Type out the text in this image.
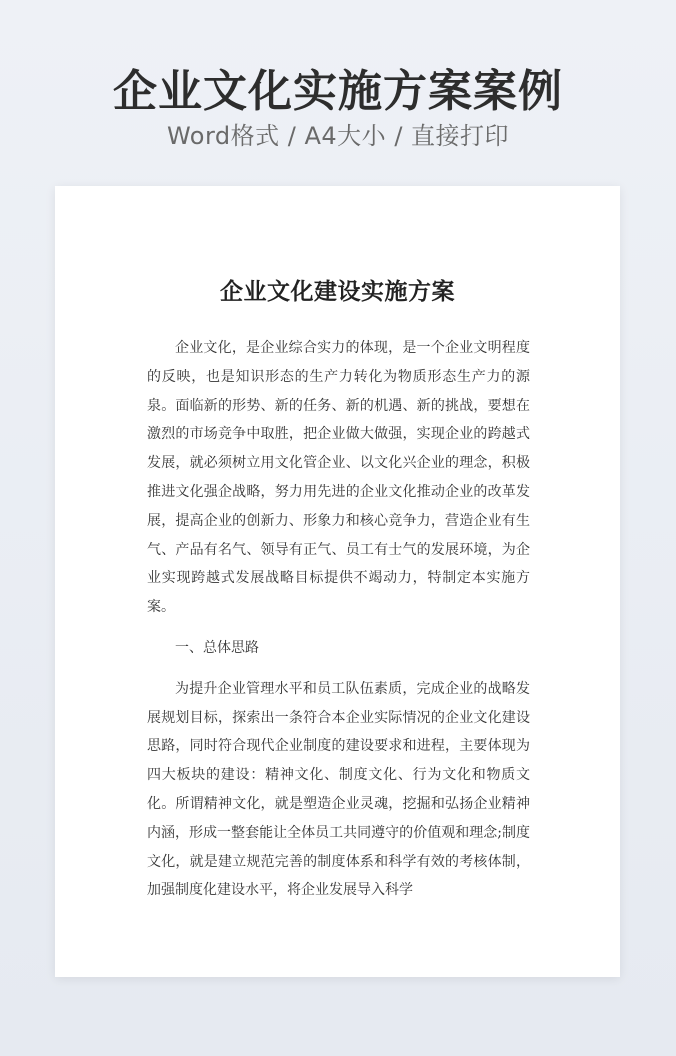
企业文化实施方案案例
Word格式 / A4大小 / 直接打印
企业文化建设实施方案

企业文化，是企业综合实力的体现，是一个企业文明程度的反映，也是知识形态的生产力转化为物质形态生产力的源泉。面临新的形势、新的任务、新的机遇、新的挑战，要想在激烈的市场竞争中取胜，把企业做大做强，实现企业的跨越式发展，就必须树立用文化管企业、以文化兴企业的理念，积极推进文化强企战略，努力用先进的企业文化推动企业的改革发展，提高企业的创新力、形象力和核心竞争力，营造企业有生气、产品有名气、领导有正气、员工有士气的发展环境，为企业实现跨越式发展战略目标提供不竭动力，特制定本实施方案。

一、总体思路

为提升企业管理水平和员工队伍素质，完成企业的战略发展规划目标，探索出一条符合本企业实际情况的企业文化建设思路，同时符合现代企业制度的建设要求和进程，主要体现为四大板块的建设：精神文化、制度文化、行为文化和物质文化。所谓精神文化，就是塑造企业灵魂，挖掘和弘扬企业精神内涵，形成一整套能让全体员工共同遵守的价值观和理念;制度文化，就是建立规范完善的制度体系和科学有效的考核体制，加强制度化建设水平，将企业发展导入科学
